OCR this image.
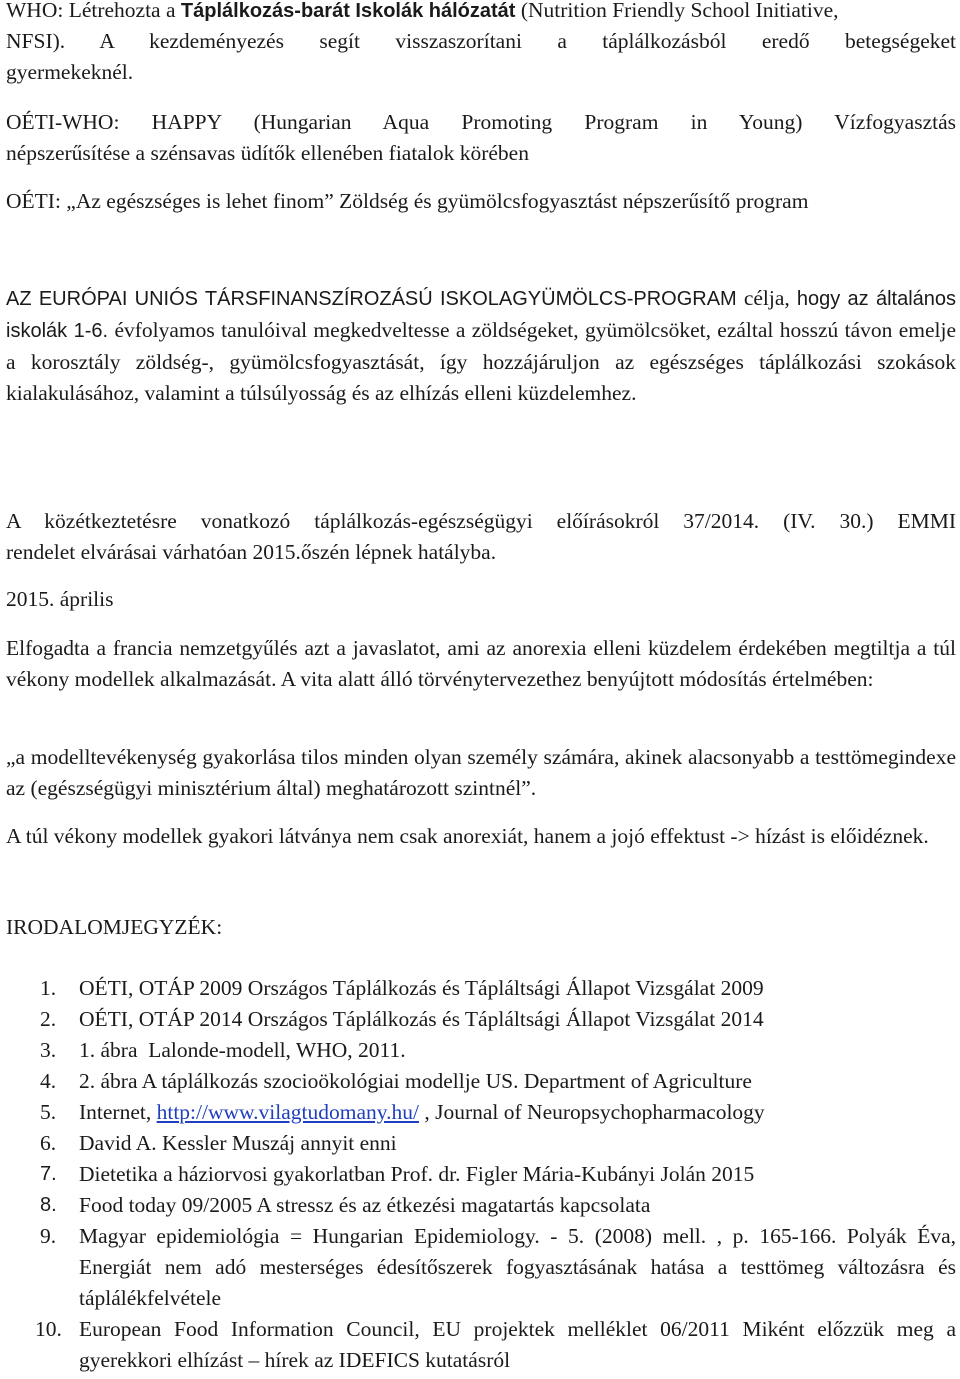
WHO: Létrehozta a Táplálkozás-barát Iskolák hálózatát (Nutrition Friendly School Initiative,

NFSI). A kezdeményezés segít visszaszorítani a táplálkozásból eredő betegségeket

gyermekeknél.

OÉTI-WHO: HAPPY (Hungarian Aqua Promoting Program in Young) Vízfogyasztás

népszerűsítése a szénsavas üdítők ellenében fiatalok körében

OÉTI: „Az egészséges is lehet finom” Zöldség és gyümölcsfogyasztást népszerűsítő program

AZ EURÓPAI UNIÓS TÁRSFINANSZÍROZÁSÚ ISKOLAGYÜMÖLCS-PROGRAM célja, hogy az általános iskolák 1-6. évfolyamos tanulóival megkedveltesse a zöldségeket, gyümölcsöket, ezáltal hosszú távon emelje a korosztály zöldség-, gyümölcsfogyasztását, így hozzájáruljon az egészséges táplálkozási szokások kialakulásához, valamint a túlsúlyosság és az elhízás elleni küzdelemhez.

A közétkeztetésre vonatkozó táplálkozás-egészségügyi előírásokról 37/2014. (IV. 30.) EMMI

rendelet elvárásai várhatóan 2015.őszén lépnek hatályba.

2015. április

Elfogadta a francia nemzetgyűlés azt a javaslatot, ami az anorexia elleni küzdelem érdekében megtiltja a túl vékony modellek alkalmazását. A vita alatt álló törvénytervezethez benyújtott módosítás értelmében:

„a modelltevékenység gyakorlása tilos minden olyan személy számára, akinek alacsonyabb a testtömegindexe az (egészségügyi minisztérium által) meghatározott szintnél”.

A túl vékony modellek gyakori látványa nem csak anorexiát, hanem a jojó effektust -> hízást is előidéznek.

IRODALOMJEGYZÉK:

1. OÉTI, OTÁP 2009 Országos Táplálkozás és Tápláltsági Állapot Vizsgálat 2009
2. OÉTI, OTÁP 2014 Országos Táplálkozás és Tápláltsági Állapot Vizsgálat 2014
3. 1. ábra  Lalonde-modell, WHO, 2011.
4. 2. ábra A táplálkozás szocioökológiai modellje US. Department of Agriculture
5. Internet, http://www.vilagtudomany.hu/ , Journal of Neuropsychopharmacology
6. David A. Kessler Muszáj annyit enni
7. Dietetika a háziorvosi gyakorlatban Prof. dr. Figler Mária-Kubányi Jolán 2015
8. Food today 09/2005 A stressz és az étkezési magatartás kapcsolata
9. Magyar epidemiológia = Hungarian Epidemiology. - 5. (2008) mell. , p. 165-166. Polyák Éva, Energiát nem adó mesterséges édesítőszerek fogyasztásának hatása a testtömeg változásra és táplálékfelvétele
10. European Food Information Council, EU projektek melléklet 06/2011 Miként előzzük meg a gyerekkori elhízást – hírek az IDEFICS kutatásról
